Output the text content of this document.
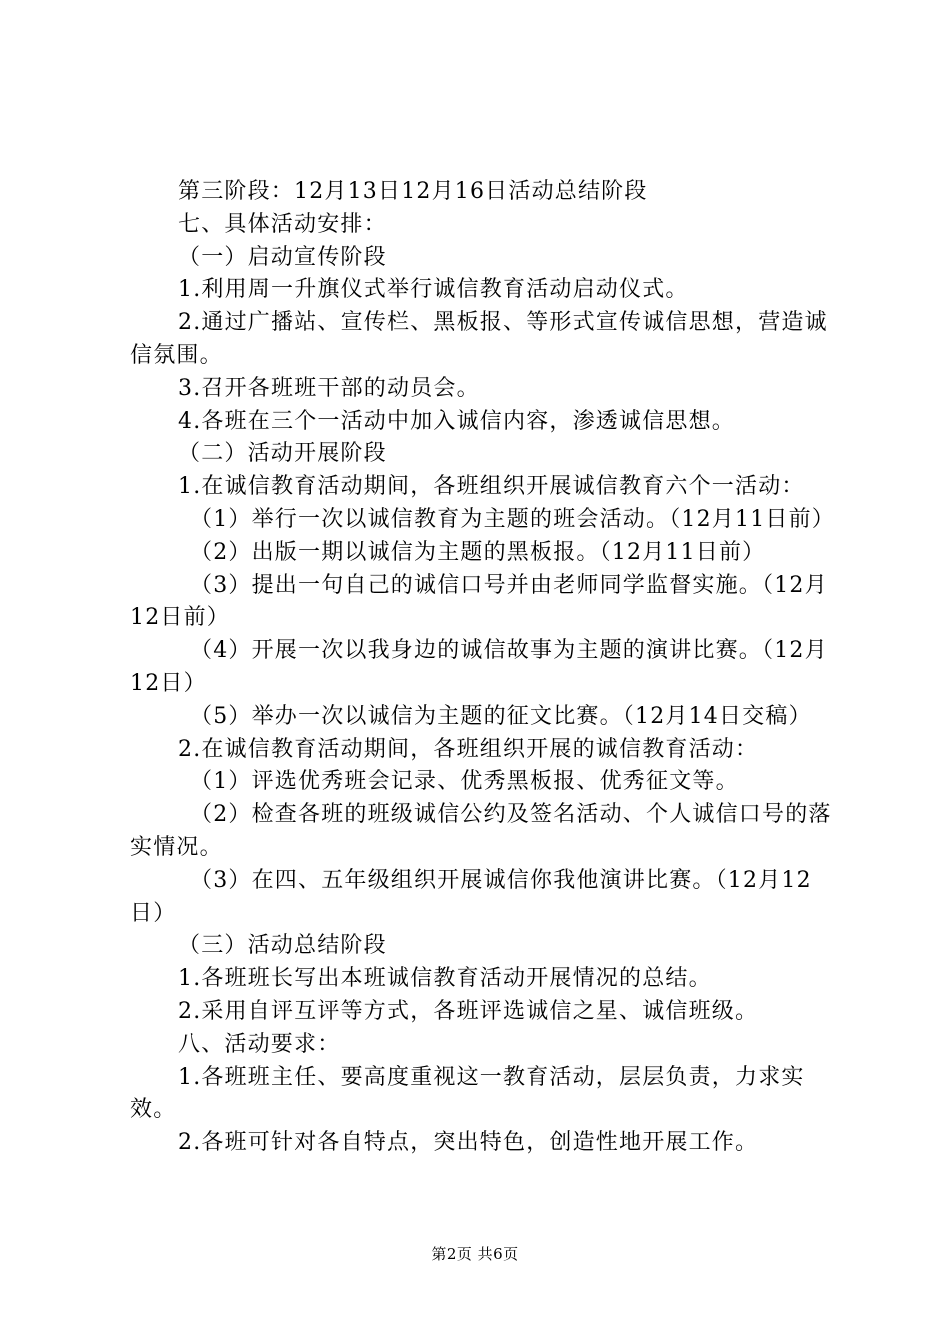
第三阶段：12月13日12月16日活动总结阶段

七、具体活动安排：

（一）启动宣传阶段

1.利用周一升旗仪式举行诚信教育活动启动仪式。

2.通过广播站、宣传栏、黑板报、等形式宣传诚信思想，营造诚信氛围。

3.召开各班班干部的动员会。

4.各班在三个一活动中加入诚信内容，渗透诚信思想。

（二）活动开展阶段

1.在诚信教育活动期间，各班组织开展诚信教育六个一活动：

（1）举行一次以诚信教育为主题的班会活动。（12月11日前）

（2）出版一期以诚信为主题的黑板报。（12月11日前）

（3）提出一句自己的诚信口号并由老师同学监督实施。（12月12日前）

（4）开展一次以我身边的诚信故事为主题的演讲比赛。（12月12日）

（5）举办一次以诚信为主题的征文比赛。（12月14日交稿）

2.在诚信教育活动期间，各班组织开展的诚信教育活动：

（1）评选优秀班会记录、优秀黑板报、优秀征文等。

（2）检查各班的班级诚信公约及签名活动、个人诚信口号的落实情况。

（3）在四、五年级组织开展诚信你我他演讲比赛。（12月12日）

（三）活动总结阶段

1.各班班长写出本班诚信教育活动开展情况的总结。

2.采用自评互评等方式，各班评选诚信之星、诚信班级。

八、活动要求：

1.各班班主任、要高度重视这一教育活动，层层负责，力求实效。

2.各班可针对各自特点，突出特色，创造性地开展工作。

第2页 共6页
